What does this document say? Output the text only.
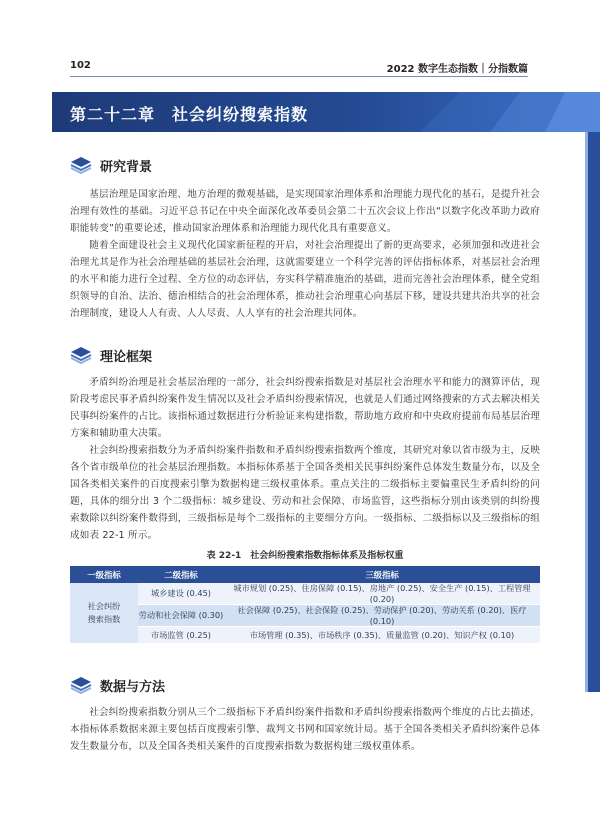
102	2022 数字生态指数｜分指数篇
第二十二章　社会纠纷搜索指数
研究背景

基层治理是国家治理、地方治理的微观基础，是实现国家治理体系和治理能力现代化的基石，是提升社会治理有效性的基础。习近平总书记在中央全面深化改革委员会第二十五次会议上作出“以数字化改革助力政府职能转变”的重要论述，推动国家治理体系和治理能力现代化具有重要意义。

随着全面建设社会主义现代化国家新征程的开启，对社会治理提出了新的更高要求，必须加强和改进社会治理尤其是作为社会治理基础的基层社会治理，这就需要建立一个科学完善的评估指标体系，对基层社会治理的水平和能力进行全过程、全方位的动态评估，夯实科学精准施治的基础，进而完善社会治理体系，健全党组织领导的自治、法治、德治相结合的社会治理体系，推动社会治理重心向基层下移，建设共建共治共享的社会治理制度，建设人人有责、人人尽责、人人享有的社会治理共同体。

理论框架

矛盾纠纷治理是社会基层治理的一部分，社会纠纷搜索指数是对基层社会治理水平和能力的测算评估，现阶段考虑民事矛盾纠纷案件发生情况以及社会矛盾纠纷搜索情况，也就是人们通过网络搜索的方式去解决相关民事纠纷案件的占比。该指标通过数据进行分析验证来构建指数，帮助地方政府和中央政府提前布局基层治理方案和辅助重大决策。

社会纠纷搜索指数分为矛盾纠纷案件指数和矛盾纠纷搜索指数两个维度，其研究对象以省市级为主，反映各个省市级单位的社会基层治理指数。本指标体系基于全国各类相关民事纠纷案件总体发生数量分布，以及全国各类相关案件的百度搜索引擎为数据构建三级权重体系。重点关注的二级指标主要偏重民生矛盾纠纷的问题，具体的细分出 3 个二级指标：城乡建设、劳动和社会保障、市场监管，这些指标分别由该类别的纠纷搜索数除以纠纷案件数得到，三级指标是每个二级指标的主要细分方向。一级指标、二级指标以及三级指标的组成如表 22-1 所示。

表 22-1　社会纠纷搜索指数指标体系及指标权重
一级指标	二级指标	三级指标
社会纠纷
搜索指数	城乡建设 (0.45)	城市规划 (0.25)、住房保障 (0.15)、房地产 (0.25)、安全生产 (0.15)、工程管理 (0.20)
	劳动和社会保障 (0.30)	社会保障 (0.25)、社会保险 (0.25)、劳动保护 (0.20)、劳动关系 (0.20)、医疗 (0.10)
	市场监管 (0.25)	市场管理 (0.35)、市场秩序 (0.35)、质量监管 (0.20)、知识产权 (0.10)
数据与方法

社会纠纷搜索指数分别从三个二级指标下矛盾纠纷案件指数和矛盾纠纷搜索指数两个维度的占比去描述，本指标体系数据来源主要包括百度搜索引擎、裁判文书网和国家统计局。基于全国各类相关矛盾纠纷案件总体发生数量分布，以及全国各类相关案件的百度搜索指数为数据构建三级权重体系。
